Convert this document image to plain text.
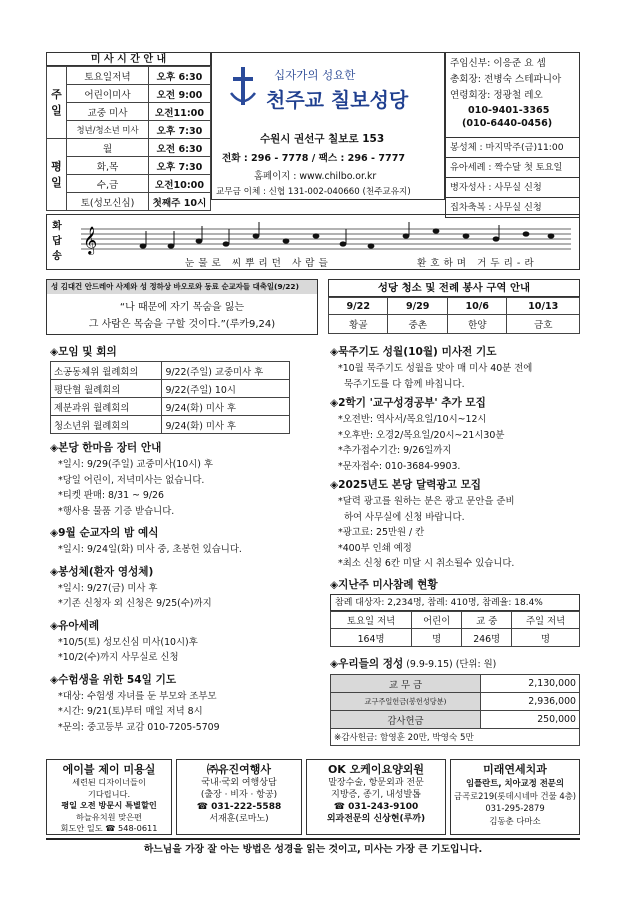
미 사 시 간 안 내
주일	토요일저녁	오후 6:30
	어린이미사	오전 9:00
	교중 미사	오전11:00
	청년/청소년 미사	오후 7:30
평일	월	오전 6:30
	화,목	오후 7:30
	수,금	오전10:00
	토(성모신심)	첫째주 10시
십자가의 성요한
천주교 칠보성당
수원시 권선구 칠보로 153
전화 : 296 - 7778 / 팩스 : 296 - 7777
홈페이지 : www.chilbo.or.kr
교무금 이체 : 신협 131-002-040660 (천주교유지)
주임신부: 이응준 요 셉
총회장: 전병숙 스테파니아
연령회장: 정광철 레오
010-9401-3365
(010-6440-0456)
봉성체 : 마지막주(금)11:00
유아세례 : 짝수달 첫 토요일
병자성사 : 사무실 신청
집차축복 : 사무실 신청
화답송
𝄞
눈물로 씨뿌리던 사람들	환호하며 거두리-라
성 김대건 안드레아 사제와 성 정하상 바오로와 동료 순교자들 대축일(9/22)
“나 때문에 자기 목숨을 잃는
그 사람은 목숨을 구할 것이다.”(루카9,24)
성당 청소 및 전례 봉사 구역 안내
9/22	9/29	10/6	10/13
황골	중촌	한양	금호
◈모임 및 회의
소공동체위 월례회의	9/22(주일) 교중미사 후
평단협 월례회의	9/22(주일) 10시
제분과위 월례회의	9/24(화) 미사 후
청소년위 월례회의	9/24(화) 미사 후
◈본당 한마음 장터 안내
*일시: 9/29(주일) 교중미사(10시) 후
*당일 어린이, 저녁미사는 없습니다.
*티켓 판매: 8/31 ~ 9/26
*행사용 물품 기증 받습니다.
◈9월 순교자의 밤 예식
*일시: 9/24일(화) 미사 중, 초봉헌 있습니다.
◈봉성체(환자 영성체)
*일시: 9/27(금) 미사 후
*기존 신청자 외 신청은 9/25(수)까지
◈유아세례
*10/5(토) 성모신심 미사(10시)후
*10/2(수)까지 사무실로 신청
◈수험생을 위한 54일 기도
*대상: 수험생 자녀를 둔 부모와 조부모
*시간: 9/21(토)부터 매일 저녁 8시
*문의: 중고등부 교감 010-7205-5709
◈묵주기도 성월(10월) 미사전 기도
*10월 묵주기도 성월을 맞아 매 미사 40분 전에
묵주기도를 다 함께 바칩니다.
◈2학기 '교구성경공부' 추가 모집
*오전반: 역사서/목요일/10시~12시
*오후반: 오경2/목요일/20시~21시30분
*추가접수기간: 9/26일까지
*문자접수: 010-3684-9903.
◈2025년도 본당 달력광고 모집
*달력 광고를 원하는 분은 광고 문안을 준비
하여 사무실에 신청 바랍니다.
*광고료: 25만원 / 칸
*400부 인쇄 예정
*최소 신청 6칸 미달 시 취소될수 있습니다.
◈지난주 미사참례 현황
참례 대상자: 2,234명, 참례: 410명, 참례율: 18.4%
토요일 저녁	어린이	교 중	주일 저녁
164명	명	246명	명
◈우리들의 정성 (9.9-9.15) (단위: 원)
교 무 금	2,130,000
교구주일헌금(봉헌성당분)	2,936,000
감사헌금	250,000
※감사헌금: 함영훈 20만, 박영숙 5만	
에이블 제이 미용실
세련된 디자이너들이
기다립니다.
평일 오전 방문시 특별할인
하늘유치원 맞은편
회도안 일도 ☎ 548-0611
㈜유진여행사
국내·국외 여행상담
(출장 · 비자 · 항공)
☎ 031-222-5588
서재훈(로마노)
OK 오케이요양외원
말장수술, 항문외과 전문
지방증, 종기, 내성발톱
☎ 031-243-9100
외과전문의 신상현(루까)
미래연세치과
임플란트, 치아교정 전문의
금곡로219(롯데시네마 건물 4층)
031-295-2879
김동춘 다마소
하느님을 가장 잘 아는 방법은 성경을 읽는 것이고, 미사는 가장 큰 기도입니다.
